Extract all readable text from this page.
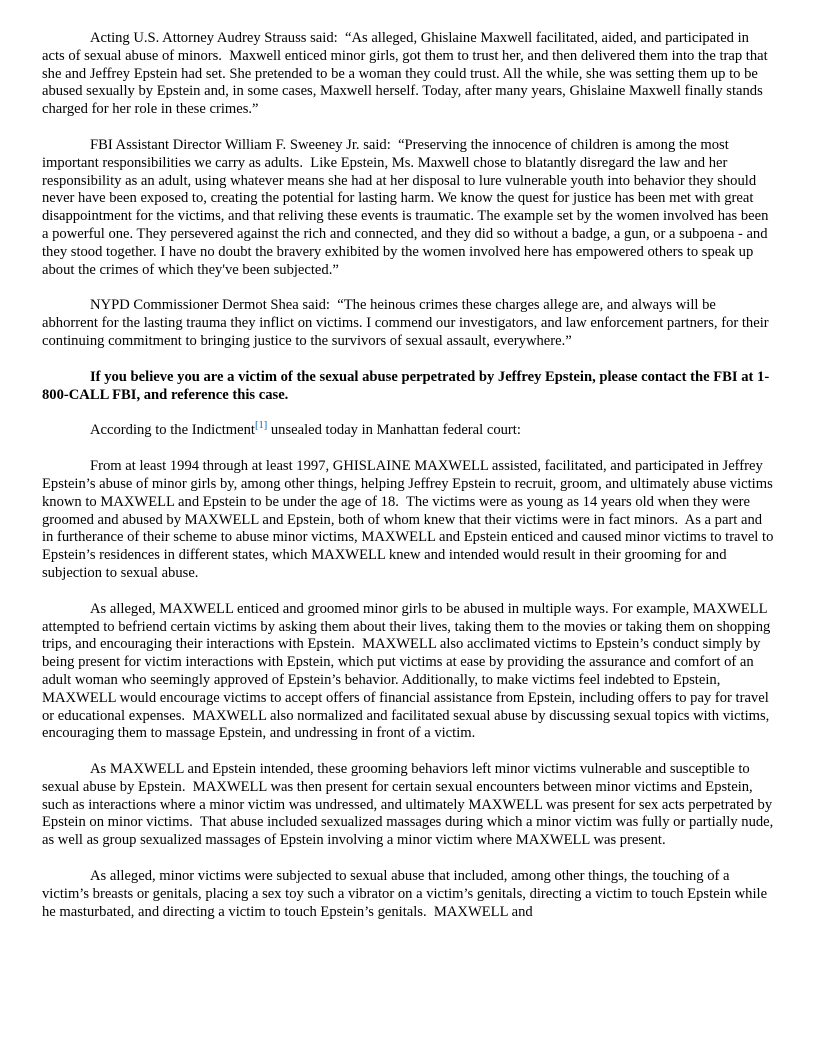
Acting U.S. Attorney Audrey Strauss said:  “As alleged, Ghislaine Maxwell facilitated, aided, and participated in acts of sexual abuse of minors.  Maxwell enticed minor girls, got them to trust her, and then delivered them into the trap that she and Jeffrey Epstein had set. She pretended to be a woman they could trust. All the while, she was setting them up to be abused sexually by Epstein and, in some cases, Maxwell herself. Today, after many years, Ghislaine Maxwell finally stands charged for her role in these crimes.”

FBI Assistant Director William F. Sweeney Jr. said:  “Preserving the innocence of children is among the most important responsibilities we carry as adults.  Like Epstein, Ms. Maxwell chose to blatantly disregard the law and her responsibility as an adult, using whatever means she had at her disposal to lure vulnerable youth into behavior they should never have been exposed to, creating the potential for lasting harm. We know the quest for justice has been met with great disappointment for the victims, and that reliving these events is traumatic. The example set by the women involved has been a powerful one. They persevered against the rich and connected, and they did so without a badge, a gun, or a subpoena - and they stood together. I have no doubt the bravery exhibited by the women involved here has empowered others to speak up about the crimes of which they've been subjected.”

NYPD Commissioner Dermot Shea said:  “The heinous crimes these charges allege are, and always will be abhorrent for the lasting trauma they inflict on victims. I commend our investigators, and law enforcement partners, for their continuing commitment to bringing justice to the survivors of sexual assault, everywhere.”

If you believe you are a victim of the sexual abuse perpetrated by Jeffrey Epstein, please contact the FBI at 1-800-CALL FBI, and reference this case.

According to the Indictment[1] unsealed today in Manhattan federal court:

From at least 1994 through at least 1997, GHISLAINE MAXWELL assisted, facilitated, and participated in Jeffrey Epstein’s abuse of minor girls by, among other things, helping Jeffrey Epstein to recruit, groom, and ultimately abuse victims known to MAXWELL and Epstein to be under the age of 18.  The victims were as young as 14 years old when they were groomed and abused by MAXWELL and Epstein, both of whom knew that their victims were in fact minors.  As a part and in furtherance of their scheme to abuse minor victims, MAXWELL and Epstein enticed and caused minor victims to travel to Epstein’s residences in different states, which MAXWELL knew and intended would result in their grooming for and subjection to sexual abuse.

As alleged, MAXWELL enticed and groomed minor girls to be abused in multiple ways. For example, MAXWELL attempted to befriend certain victims by asking them about their lives, taking them to the movies or taking them on shopping trips, and encouraging their interactions with Epstein.  MAXWELL also acclimated victims to Epstein’s conduct simply by being present for victim interactions with Epstein, which put victims at ease by providing the assurance and comfort of an adult woman who seemingly approved of Epstein’s behavior. Additionally, to make victims feel indebted to Epstein, MAXWELL would encourage victims to accept offers of financial assistance from Epstein, including offers to pay for travel or educational expenses.  MAXWELL also normalized and facilitated sexual abuse by discussing sexual topics with victims, encouraging them to massage Epstein, and undressing in front of a victim.

As MAXWELL and Epstein intended, these grooming behaviors left minor victims vulnerable and susceptible to sexual abuse by Epstein.  MAXWELL was then present for certain sexual encounters between minor victims and Epstein, such as interactions where a minor victim was undressed, and ultimately MAXWELL was present for sex acts perpetrated by Epstein on minor victims.  That abuse included sexualized massages during which a minor victim was fully or partially nude, as well as group sexualized massages of Epstein involving a minor victim where MAXWELL was present.

As alleged, minor victims were subjected to sexual abuse that included, among other things, the touching of a victim’s breasts or genitals, placing a sex toy such a vibrator on a victim’s genitals, directing a victim to touch Epstein while he masturbated, and directing a victim to touch Epstein’s genitals.  MAXWELL and
